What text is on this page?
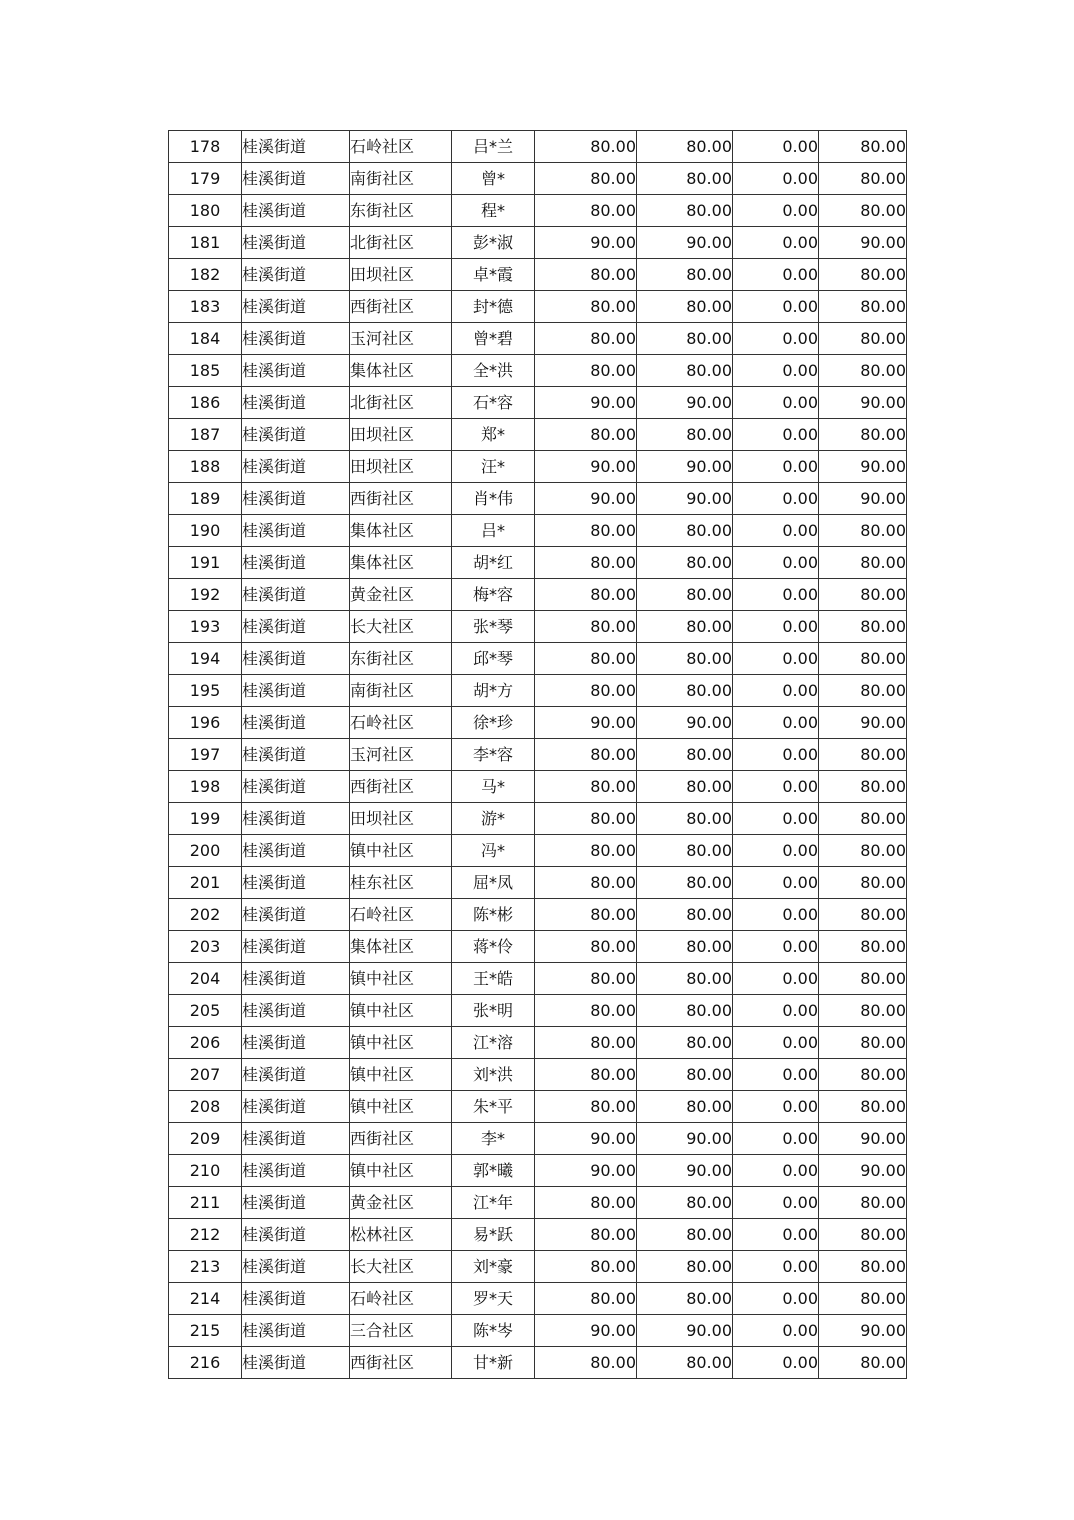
178	桂溪街道	石岭社区	吕*兰	80.00	80.00	0.00	80.00
179	桂溪街道	南街社区	曾*	80.00	80.00	0.00	80.00
180	桂溪街道	东街社区	程*	80.00	80.00	0.00	80.00
181	桂溪街道	北街社区	彭*淑	90.00	90.00	0.00	90.00
182	桂溪街道	田坝社区	卓*霞	80.00	80.00	0.00	80.00
183	桂溪街道	西街社区	封*德	80.00	80.00	0.00	80.00
184	桂溪街道	玉河社区	曾*碧	80.00	80.00	0.00	80.00
185	桂溪街道	集体社区	全*洪	80.00	80.00	0.00	80.00
186	桂溪街道	北街社区	石*容	90.00	90.00	0.00	90.00
187	桂溪街道	田坝社区	郑*	80.00	80.00	0.00	80.00
188	桂溪街道	田坝社区	汪*	90.00	90.00	0.00	90.00
189	桂溪街道	西街社区	肖*伟	90.00	90.00	0.00	90.00
190	桂溪街道	集体社区	吕*	80.00	80.00	0.00	80.00
191	桂溪街道	集体社区	胡*红	80.00	80.00	0.00	80.00
192	桂溪街道	黄金社区	梅*容	80.00	80.00	0.00	80.00
193	桂溪街道	长大社区	张*琴	80.00	80.00	0.00	80.00
194	桂溪街道	东街社区	邱*琴	80.00	80.00	0.00	80.00
195	桂溪街道	南街社区	胡*方	80.00	80.00	0.00	80.00
196	桂溪街道	石岭社区	徐*珍	90.00	90.00	0.00	90.00
197	桂溪街道	玉河社区	李*容	80.00	80.00	0.00	80.00
198	桂溪街道	西街社区	马*	80.00	80.00	0.00	80.00
199	桂溪街道	田坝社区	游*	80.00	80.00	0.00	80.00
200	桂溪街道	镇中社区	冯*	80.00	80.00	0.00	80.00
201	桂溪街道	桂东社区	屈*凤	80.00	80.00	0.00	80.00
202	桂溪街道	石岭社区	陈*彬	80.00	80.00	0.00	80.00
203	桂溪街道	集体社区	蒋*伶	80.00	80.00	0.00	80.00
204	桂溪街道	镇中社区	王*皓	80.00	80.00	0.00	80.00
205	桂溪街道	镇中社区	张*明	80.00	80.00	0.00	80.00
206	桂溪街道	镇中社区	江*溶	80.00	80.00	0.00	80.00
207	桂溪街道	镇中社区	刘*洪	80.00	80.00	0.00	80.00
208	桂溪街道	镇中社区	朱*平	80.00	80.00	0.00	80.00
209	桂溪街道	西街社区	李*	90.00	90.00	0.00	90.00
210	桂溪街道	镇中社区	郭*曦	90.00	90.00	0.00	90.00
211	桂溪街道	黄金社区	江*年	80.00	80.00	0.00	80.00
212	桂溪街道	松林社区	易*跃	80.00	80.00	0.00	80.00
213	桂溪街道	长大社区	刘*豪	80.00	80.00	0.00	80.00
214	桂溪街道	石岭社区	罗*天	80.00	80.00	0.00	80.00
215	桂溪街道	三合社区	陈*岑	90.00	90.00	0.00	90.00
216	桂溪街道	西街社区	甘*新	80.00	80.00	0.00	80.00
